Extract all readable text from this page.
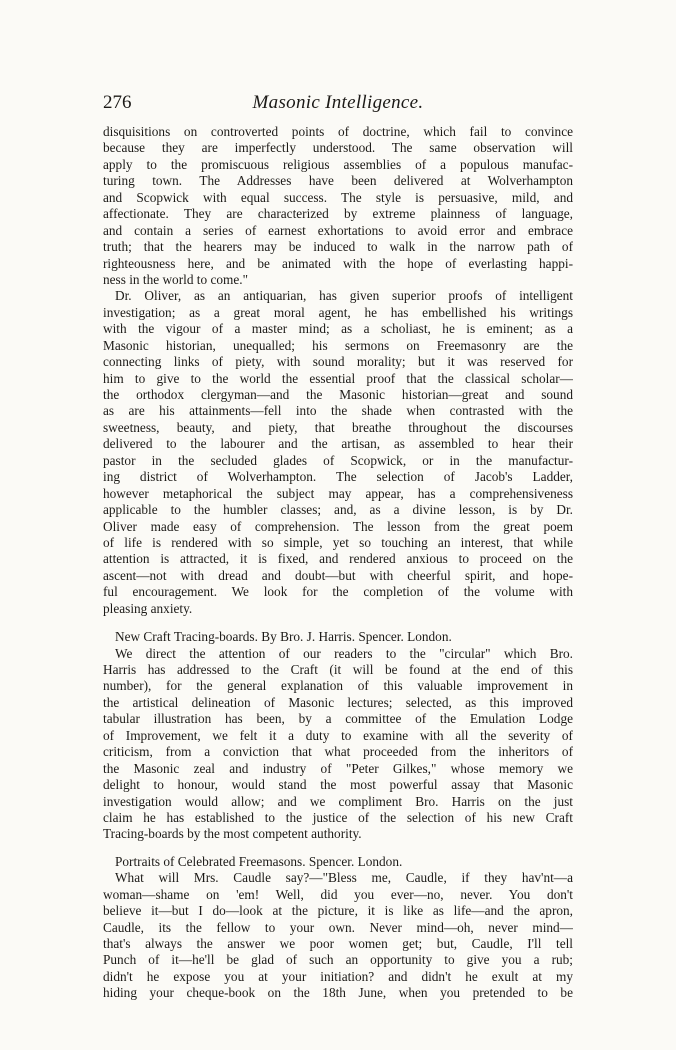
276	Masonic Intelligence.
disquisitions on controverted points of doctrine, which fail to convince
because they are imperfectly understood. The same observation will
apply to the promiscuous religious assemblies of a populous manufac-
turing town. The Addresses have been delivered at Wolverhampton
and Scopwick with equal success. The style is persuasive, mild, and
affectionate. They are characterized by extreme plainness of language,
and contain a series of earnest exhortations to avoid error and embrace
truth; that the hearers may be induced to walk in the narrow path of
righteousness here, and be animated with the hope of everlasting happi-
ness in the world to come."
Dr. Oliver, as an antiquarian, has given superior proofs of intelligent
investigation; as a great moral agent, he has embellished his writings
with the vigour of a master mind; as a scholiast, he is eminent; as a
Masonic historian, unequalled; his sermons on Freemasonry are the
connecting links of piety, with sound morality; but it was reserved for
him to give to the world the essential proof that the classical scholar—
the orthodox clergyman—and the Masonic historian—great and sound
as are his attainments—fell into the shade when contrasted with the
sweetness, beauty, and piety, that breathe throughout the discourses
delivered to the labourer and the artisan, as assembled to hear their
pastor in the secluded glades of Scopwick, or in the manufactur-
ing district of Wolverhampton. The selection of Jacob's Ladder,
however metaphorical the subject may appear, has a comprehensiveness
applicable to the humbler classes; and, as a divine lesson, is by Dr.
Oliver made easy of comprehension. The lesson from the great poem
of life is rendered with so simple, yet so touching an interest, that while
attention is attracted, it is fixed, and rendered anxious to proceed on the
ascent—not with dread and doubt—but with cheerful spirit, and hope-
ful encouragement. We look for the completion of the volume with
pleasing anxiety.
New Craft Tracing-boards. By Bro. J. Harris. Spencer. London.
We direct the attention of our readers to the "circular" which Bro.
Harris has addressed to the Craft (it will be found at the end of this
number), for the general explanation of this valuable improvement in
the artistical delineation of Masonic lectures; selected, as this improved
tabular illustration has been, by a committee of the Emulation Lodge
of Improvement, we felt it a duty to examine with all the severity of
criticism, from a conviction that what proceeded from the inheritors of
the Masonic zeal and industry of "Peter Gilkes," whose memory we
delight to honour, would stand the most powerful assay that Masonic
investigation would allow; and we compliment Bro. Harris on the just
claim he has established to the justice of the selection of his new Craft
Tracing-boards by the most competent authority.
Portraits of Celebrated Freemasons. Spencer. London.
What will Mrs. Caudle say?—"Bless me, Caudle, if they hav'nt—a
woman—shame on 'em! Well, did you ever—no, never. You don't
believe it—but I do—look at the picture, it is like as life—and the apron,
Caudle, its the fellow to your own. Never mind—oh, never mind—
that's always the answer we poor women get; but, Caudle, I'll tell
Punch of it—he'll be glad of such an opportunity to give you a rub;
didn't he expose you at your initiation? and didn't he exult at my
hiding your cheque-book on the 18th June, when you pretended to be
